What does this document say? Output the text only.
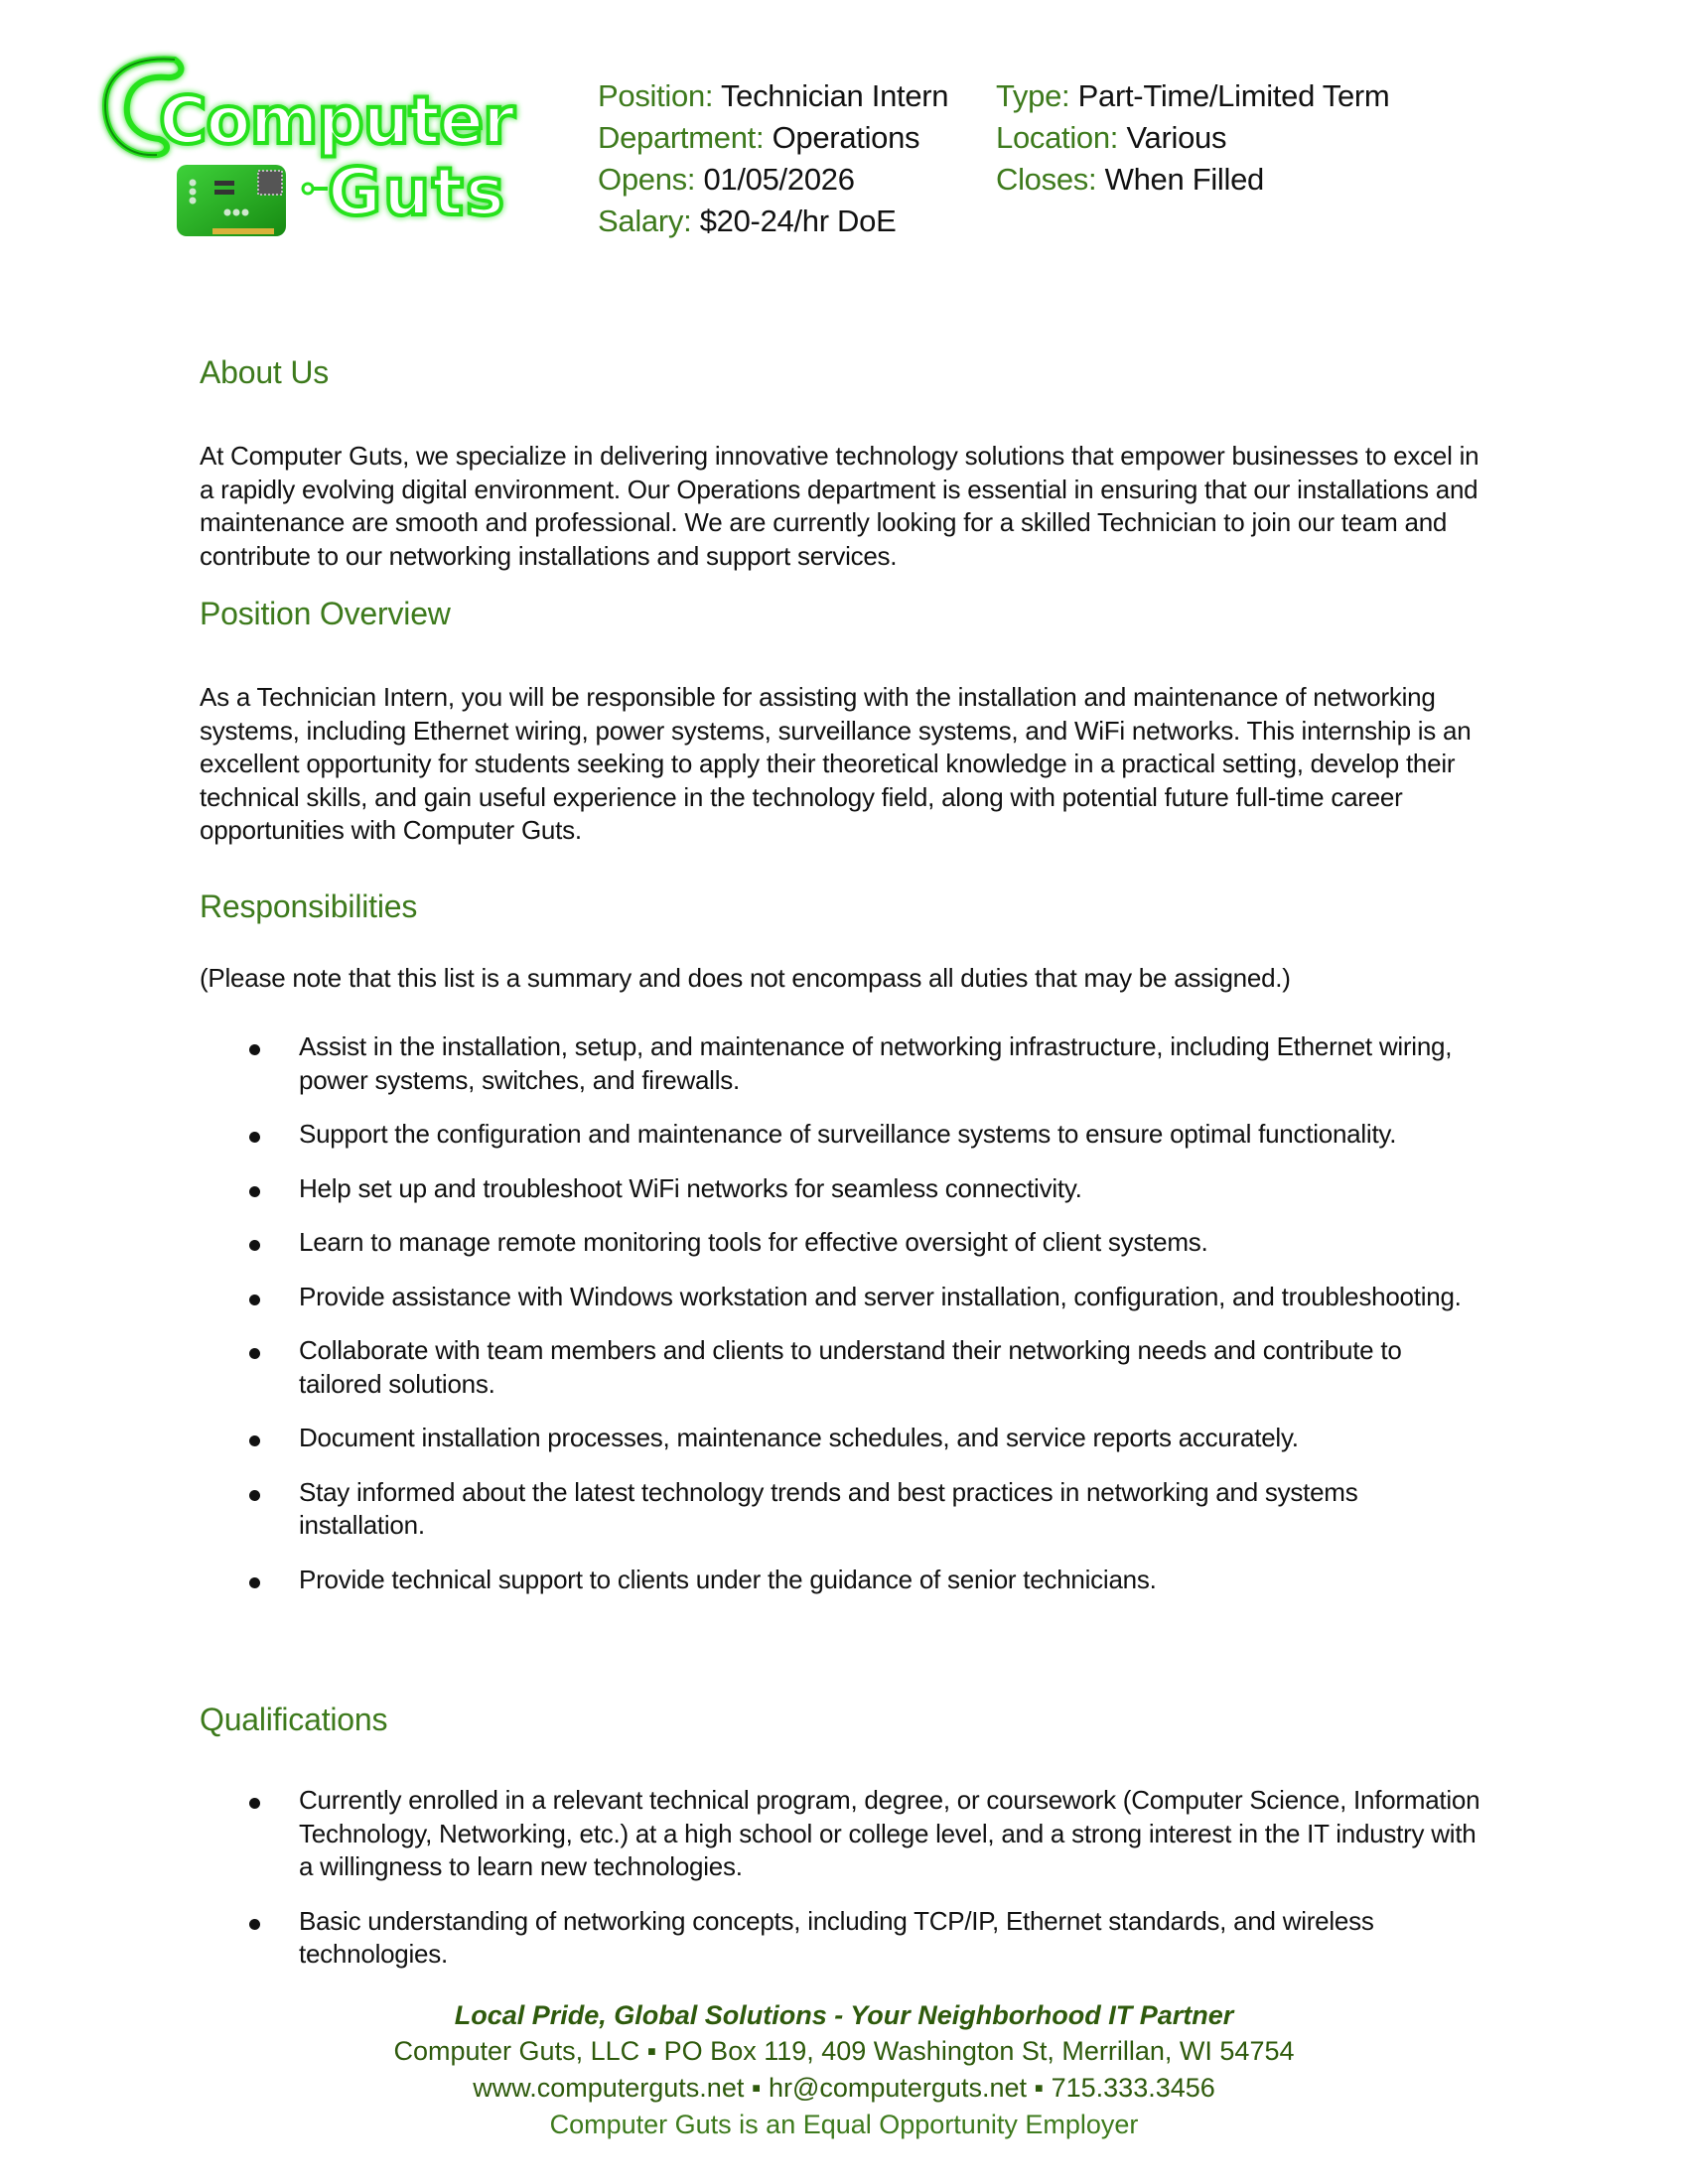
Computer
Guts
Position: Technician Intern
Department: Operations
Opens: 01/05/2026
Salary: $20-24/hr DoE
Type: Part-Time/Limited Term
Location: Various
Closes: When Filled
About Us

At Computer Guts, we specialize in delivering innovative technology solutions that empower businesses to excel in a rapidly evolving digital environment. Our Operations department is essential in ensuring that our installations and maintenance are smooth and professional. We are currently looking for a skilled Technician to join our team and contribute to our networking installations and support services.

Position Overview

As a Technician Intern, you will be responsible for assisting with the installation and maintenance of networking systems, including Ethernet wiring, power systems, surveillance systems, and WiFi networks. This internship is an excellent opportunity for students seeking to apply their theoretical knowledge in a practical setting, develop their technical skills, and gain useful experience in the technology field, along with potential future full-time career opportunities with Computer Guts.

Responsibilities

(Please note that this list is a summary and does not encompass all duties that may be assigned.)

Assist in the installation, setup, and maintenance of networking infrastructure, including Ethernet wiring, power systems, switches, and firewalls.
Support the configuration and maintenance of surveillance systems to ensure optimal functionality.
Help set up and troubleshoot WiFi networks for seamless connectivity.
Learn to manage remote monitoring tools for effective oversight of client systems.
Provide assistance with Windows workstation and server installation, configuration, and troubleshooting.
Collaborate with team members and clients to understand their networking needs and contribute to tailored solutions.
Document installation processes, maintenance schedules, and service reports accurately.
Stay informed about the latest technology trends and best practices in networking and systems installation.
Provide technical support to clients under the guidance of senior technicians.
Qualifications
Currently enrolled in a relevant technical program, degree, or coursework (Computer Science, Information Technology, Networking, etc.) at a high school or college level, and a strong interest in the IT industry with a willingness to learn new technologies.
Basic understanding of networking concepts, including TCP/IP, Ethernet standards, and wireless technologies.
Local Pride, Global Solutions - Your Neighborhood IT Partner
Computer Guts, LLC ▪ PO Box 119, 409 Washington St, Merrillan, WI 54754
www.computerguts.net ▪ hr@computerguts.net ▪ 715.333.3456
Computer Guts is an Equal Opportunity Employer
